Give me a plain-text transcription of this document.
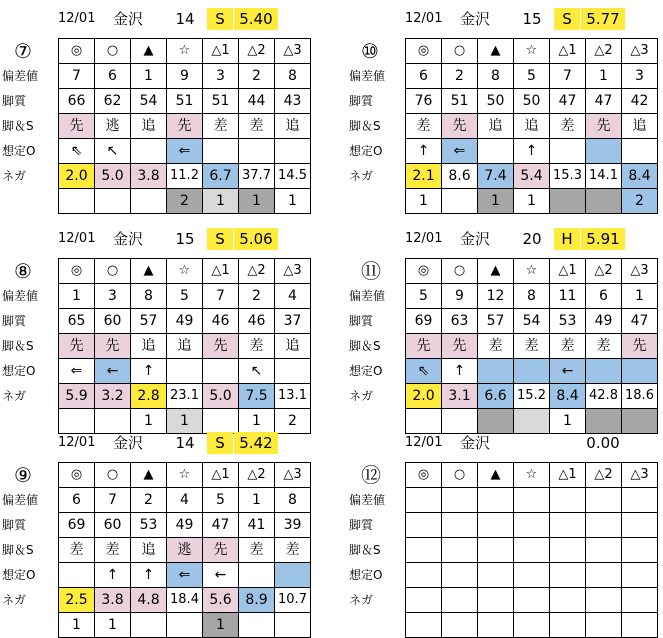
12/01	金沢	14	S 5.40
⑦
偏差値
脚質
脚＆S
想定O
ネガ
◎	○	▲	☆	△1	△2	△3
7	6	1	9	3	2	8
66	62	54	51	51	44	43
先	逃	追	先	差	差	追
⇖	↖		⇐			
2.0	5.0	3.8	11.2	6.7	37.7	14.5
			2	1	1	1
12/01	金沢	15	S 5.77
⑩
偏差値
脚質
脚＆S
想定O
ネガ
◎	○	▲	☆	△1	△2	△3
6	2	8	5	7	1	3
76	51	50	50	47	47	42
差	先	追	追	差	先	追
↑	⇐		↑			
2.1	8.6	7.4	5.4	15.3	14.1	8.4
1		1	1			2
12/01	金沢	15	S 5.06
⑧
偏差値
脚質
脚＆S
想定O
ネガ
◎	○	▲	☆	△1	△2	△3
1	3	8	5	7	2	4
65	60	57	49	46	46	37
先	先	追	追	先	差	追
⇐	←	↑			↖	
5.9	3.2	2.8	23.1	5.0	7.5	13.1
		1	1		1	2
12/01	金沢	20	H 5.91
⑪
偏差値
脚質
脚＆S
想定O
ネガ
◎	○	▲	☆	△1	△2	△3
5	9	12	8	11	6	1
69	63	57	54	53	49	47
先	先	差	差	差	差	先
⇖	↑			←		
2.0	3.1	6.6	15.2	8.4	42.8	18.6
				1		
12/01	金沢	14	S 5.42
⑨
偏差値
脚質
脚＆S
想定O
ネガ
◎	○	▲	☆	△1	△2	△3
6	7	2	4	5	1	8
69	60	53	49	47	41	39
差	差	追	逃	先	差	差
	↑	↑	⇐	←		
2.5	3.8	4.8	18.4	5.6	8.9	10.7
1	1			1		
12/01	金沢	0.00
⑫
偏差値
脚質
脚＆S
想定O
ネガ
◎	○	▲	☆	△1	△2	△3
